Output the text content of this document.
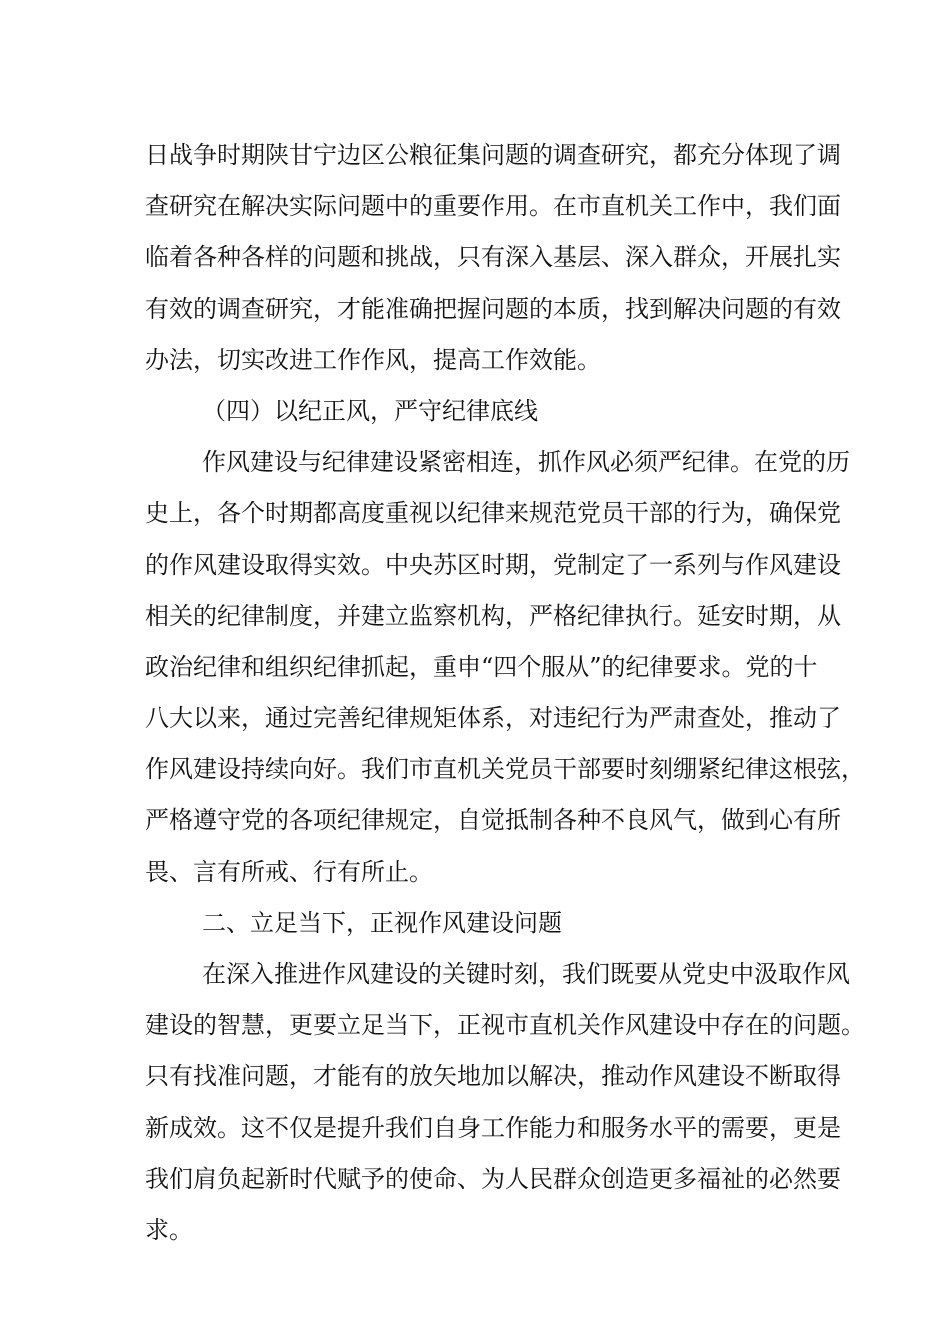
日战争时期陕甘宁边区公粮征集问题的调查研究，都充分体现了调
查研究在解决实际问题中的重要作用。在市直机关工作中，我们面
临着各种各样的问题和挑战，只有深入基层、深入群众，开展扎实
有效的调查研究，才能准确把握问题的本质，找到解决问题的有效
办法，切实改进工作作风，提高工作效能。
（四）以纪正风，严守纪律底线
作风建设与纪律建设紧密相连，抓作风必须严纪律。在党的历
史上，各个时期都高度重视以纪律来规范党员干部的行为，确保党
的作风建设取得实效。中央苏区时期，党制定了一系列与作风建设
相关的纪律制度，并建立监察机构，严格纪律执行。延安时期，从
政治纪律和组织纪律抓起，重申“四个服从”的纪律要求。党的十
八大以来，通过完善纪律规矩体系，对违纪行为严肃查处，推动了
作风建设持续向好。我们市直机关党员干部要时刻绷紧纪律这根弦，
严格遵守党的各项纪律规定，自觉抵制各种不良风气，做到心有所
畏、言有所戒、行有所止。
二、立足当下，正视作风建设问题
在深入推进作风建设的关键时刻，我们既要从党史中汲取作风
建设的智慧，更要立足当下，正视市直机关作风建设中存在的问题。
只有找准问题，才能有的放矢地加以解决，推动作风建设不断取得
新成效。这不仅是提升我们自身工作能力和服务水平的需要，更是
我们肩负起新时代赋予的使命、为人民群众创造更多福祉的必然要
求。
